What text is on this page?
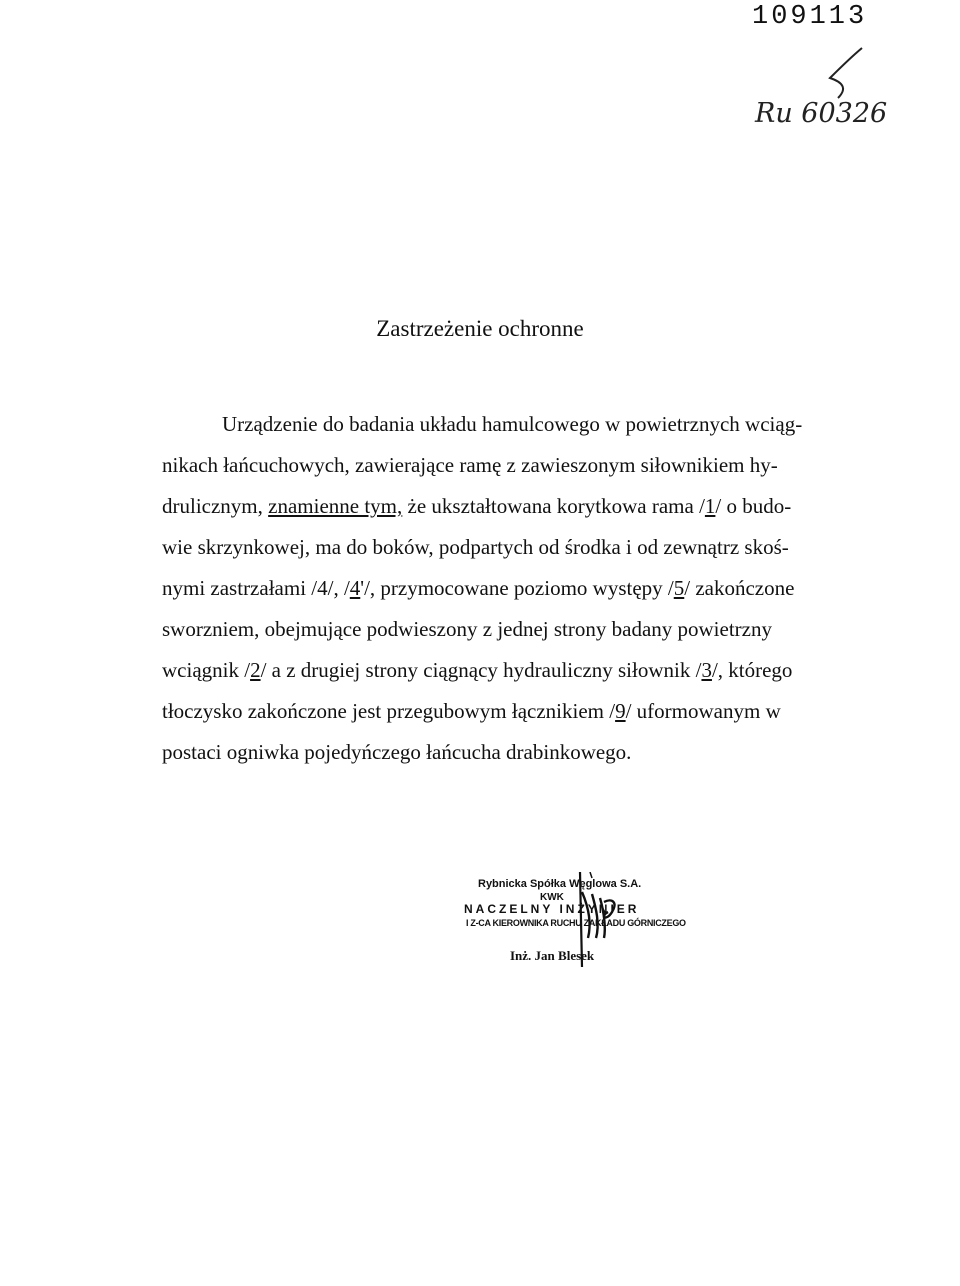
109113
Ru 60326
Zastrzeżenie ochronne

Urządzenie do badania układu hamulcowego w powietrznych wciąg-

nikach łańcuchowych, zawierające ramę z zawieszonym siłownikiem hy-

drulicznym, znamienne tym, że ukształtowana korytkowa rama /1/ o budo-

wie skrzynkowej, ma do boków, podpartych od środka i od zewnątrz skoś-

nymi zastrzałami /4/, /4'/, przymocowane poziomo występy /5/ zakończone

sworzniem, obejmujące podwieszony z jednej strony badany powietrzny

wciągnik /2/ a z drugiej strony ciągnący hydrauliczny siłownik /3/, którego

tłoczysko zakończone jest przegubowym łącznikiem /9/ uformowanym w

postaci ogniwka pojedyńczego łańcucha drabinkowego.

Rybnicka Spółka Węglowa S.A.
KWK
NACZELNY INŻYNIER
I Z-CA KIEROWNIKA RUCHU ZAKŁADU GÓRNICZEGO
Inż. Jan Blesek
